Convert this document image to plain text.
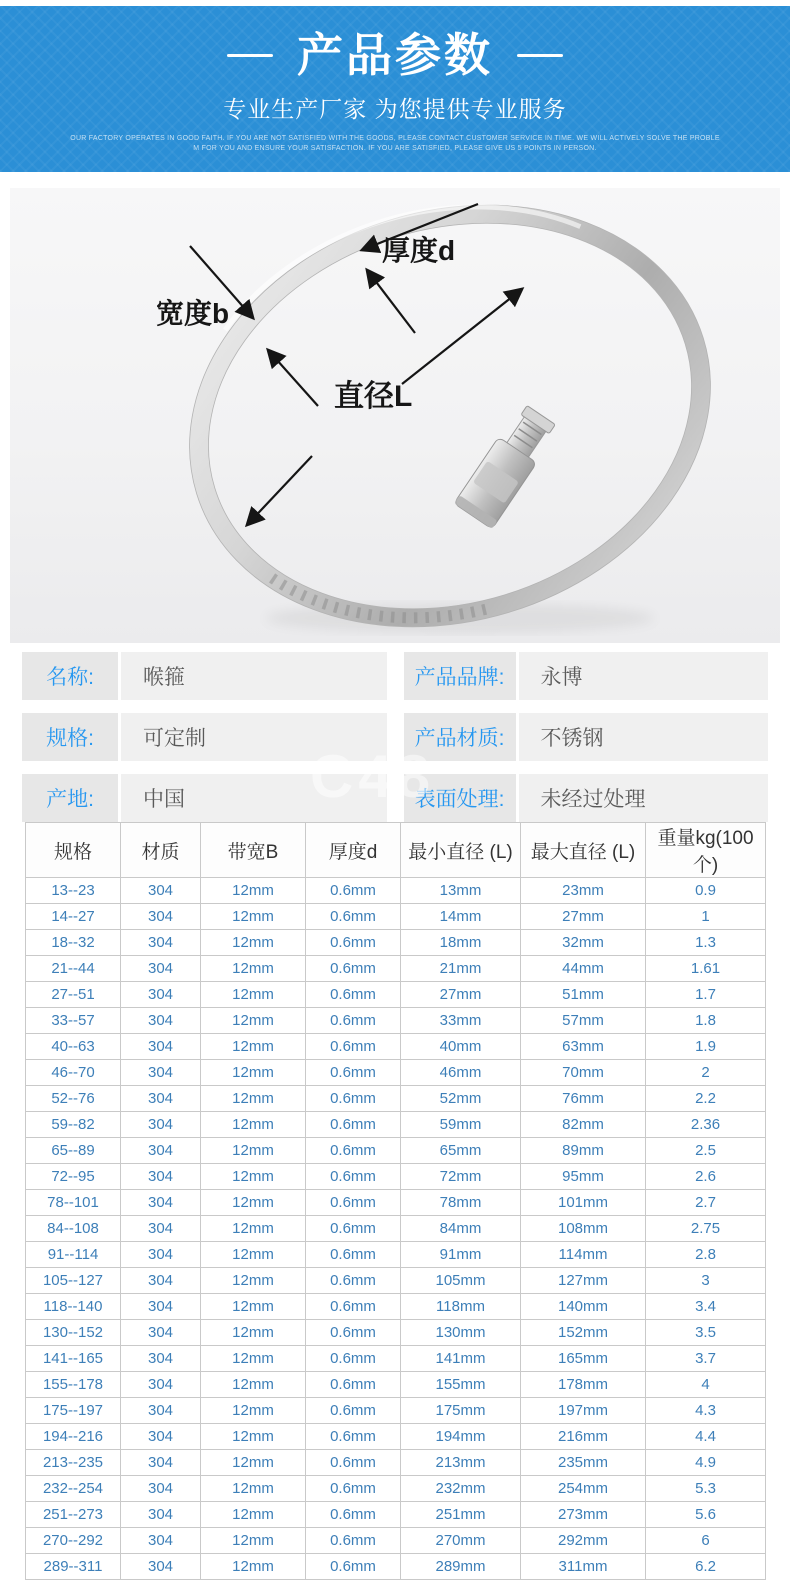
产品参数
专业生产厂家 为您提供专业服务
OUR FACTORY OPERATES IN GOOD FAITH. IF YOU ARE NOT SATISFIED WITH THE GOODS, PLEASE CONTACT CUSTOMER SERVICE IN TIME. WE WILL ACTIVELY SOLVE THE PROBLE
M FOR YOU AND ENSURE YOUR SATISFACTION. IF YOU ARE SATISFIED, PLEASE GIVE US 5 POINTS IN PERSON.
厚度d
宽度b
直径L
名称:	喉箍	产品品牌:	永博
规格:	可定制	产品材质:	不锈钢
产地:	中国	表面处理:	未经过处理
C48
规格	材质	带宽B	厚度d	最小直径 (L)	最大直径 (L)	重量kg(100个)
13--23	304	12mm	0.6mm	13mm	23mm	0.9
14--27	304	12mm	0.6mm	14mm	27mm	1
18--32	304	12mm	0.6mm	18mm	32mm	1.3
21--44	304	12mm	0.6mm	21mm	44mm	1.61
27--51	304	12mm	0.6mm	27mm	51mm	1.7
33--57	304	12mm	0.6mm	33mm	57mm	1.8
40--63	304	12mm	0.6mm	40mm	63mm	1.9
46--70	304	12mm	0.6mm	46mm	70mm	2
52--76	304	12mm	0.6mm	52mm	76mm	2.2
59--82	304	12mm	0.6mm	59mm	82mm	2.36
65--89	304	12mm	0.6mm	65mm	89mm	2.5
72--95	304	12mm	0.6mm	72mm	95mm	2.6
78--101	304	12mm	0.6mm	78mm	101mm	2.7
84--108	304	12mm	0.6mm	84mm	108mm	2.75
91--114	304	12mm	0.6mm	91mm	114mm	2.8
105--127	304	12mm	0.6mm	105mm	127mm	3
118--140	304	12mm	0.6mm	118mm	140mm	3.4
130--152	304	12mm	0.6mm	130mm	152mm	3.5
141--165	304	12mm	0.6mm	141mm	165mm	3.7
155--178	304	12mm	0.6mm	155mm	178mm	4
175--197	304	12mm	0.6mm	175mm	197mm	4.3
194--216	304	12mm	0.6mm	194mm	216mm	4.4
213--235	304	12mm	0.6mm	213mm	235mm	4.9
232--254	304	12mm	0.6mm	232mm	254mm	5.3
251--273	304	12mm	0.6mm	251mm	273mm	5.6
270--292	304	12mm	0.6mm	270mm	292mm	6
289--311	304	12mm	0.6mm	289mm	311mm	6.2
